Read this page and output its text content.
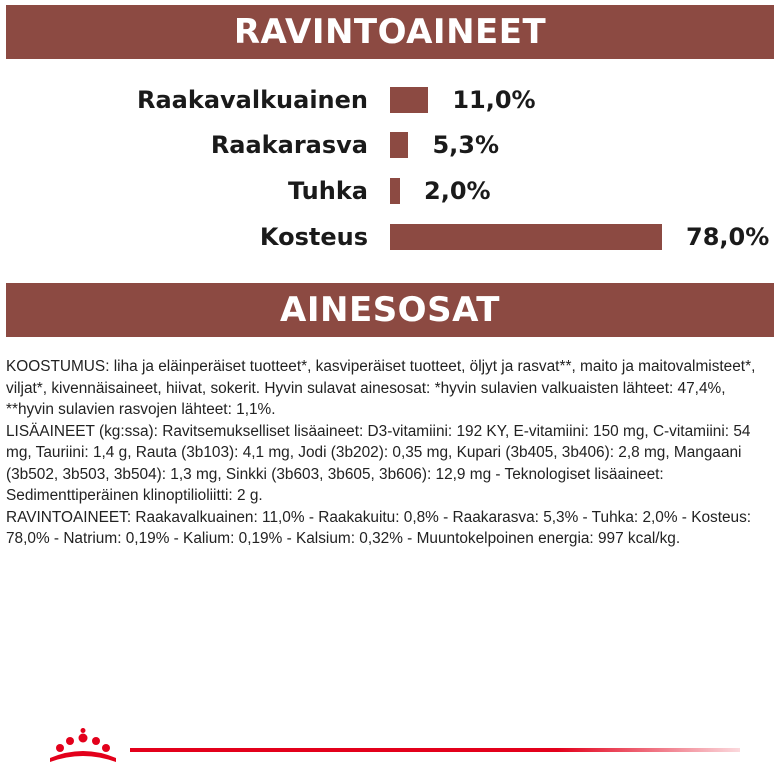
RAVINTOAINEET
Raakavalkuainen	11,0%
Raakarasva	5,3%
Tuhka 2,0%
Kosteus	78,0%
AINESOSAT

KOOSTUMUS: liha ja eläinperäiset tuotteet*, kasviperäiset tuotteet, öljyt ja rasvat**, maito ja maitovalmisteet*, viljat*, kivennäisaineet, hiivat, sokerit. Hyvin sulavat ainesosat: *hyvin sulavien valkuaisten lähteet: 47,4%, **hyvin sulavien rasvojen lähteet: 1,1%.

LISÄAINEET (kg:ssa): Ravitsemukselliset lisäaineet: D3-vitamiini: 192 KY, E-vitamiini: 150 mg, C-vitamiini: 54 mg, Tauriini: 1,4 g, Rauta (3b103): 4,1 mg, Jodi (3b202): 0,35 mg, Kupari (3b405, 3b406): 2,8 mg, Mangaani (3b502, 3b503, 3b504): 1,3 mg, Sinkki (3b603, 3b605, 3b606): 12,9 mg - Teknologiset lisäaineet: Sedimenttiperäinen klinoptilioliitti: 2 g.

RAVINTOAINEET: Raakavalkuainen: 11,0% - Raakakuitu: 0,8% - Raakarasva: 5,3% - Tuhka: 2,0% - Kosteus: 78,0% - Natrium: 0,19% - Kalium: 0,19% - Kalsium: 0,32% - Muuntokelpoinen energia: 997 kcal/kg.
